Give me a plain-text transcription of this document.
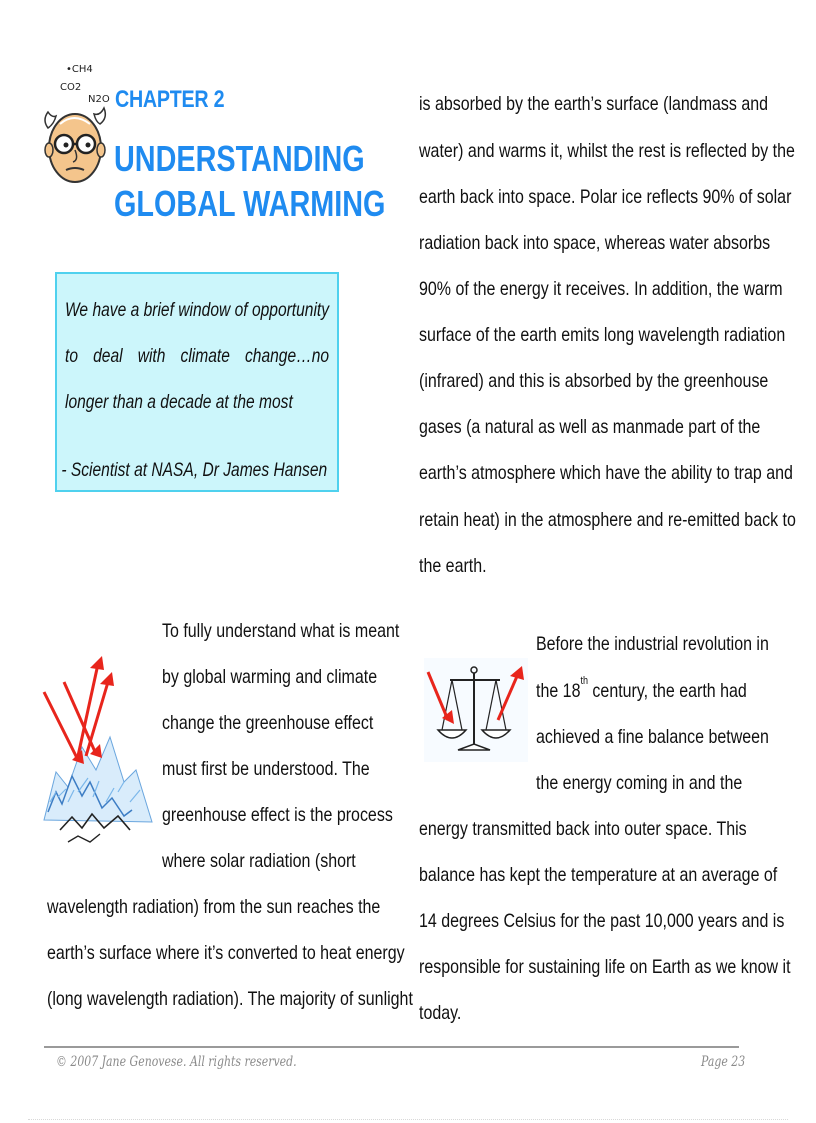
•CH4
CO2
N2O CHAPTER 2
UNDERSTANDING
GLOBAL WARMING
We have a brief window of opportunity to deal with climate change…no longer than a decade at the most
- Scientist at NASA, Dr James Hansen
is absorbed by the earth’s surface (landmass and
water) and warms it, whilst the rest is reflected by the
earth back into space. Polar ice reflects 90% of solar
radiation back into space, whereas water absorbs
90% of the energy it receives. In addition, the warm
surface of the earth emits long wavelength radiation
(infrared) and this is absorbed by the greenhouse
gases (a natural as well as manmade part of the
earth’s atmosphere which have the ability to trap and
retain heat) in the atmosphere and re-emitted back to
the earth.
To fully understand what is meant
by global warming and climate
change the greenhouse effect
must first be understood. The
greenhouse effect is the process
where solar radiation (short
wavelength radiation) from the sun reaches the
earth’s surface where it’s converted to heat energy
(long wavelength radiation). The majority of sunlight
Before the industrial revolution in
the 18th century, the earth had
achieved a fine balance between
the energy coming in and the
energy transmitted back into outer space. This
balance has kept the temperature at an average of
14 degrees Celsius for the past 10,000 years and is
responsible for sustaining life on Earth as we know it
today.
© 2007 Jane Genovese. All rights reserved.	Page 23
